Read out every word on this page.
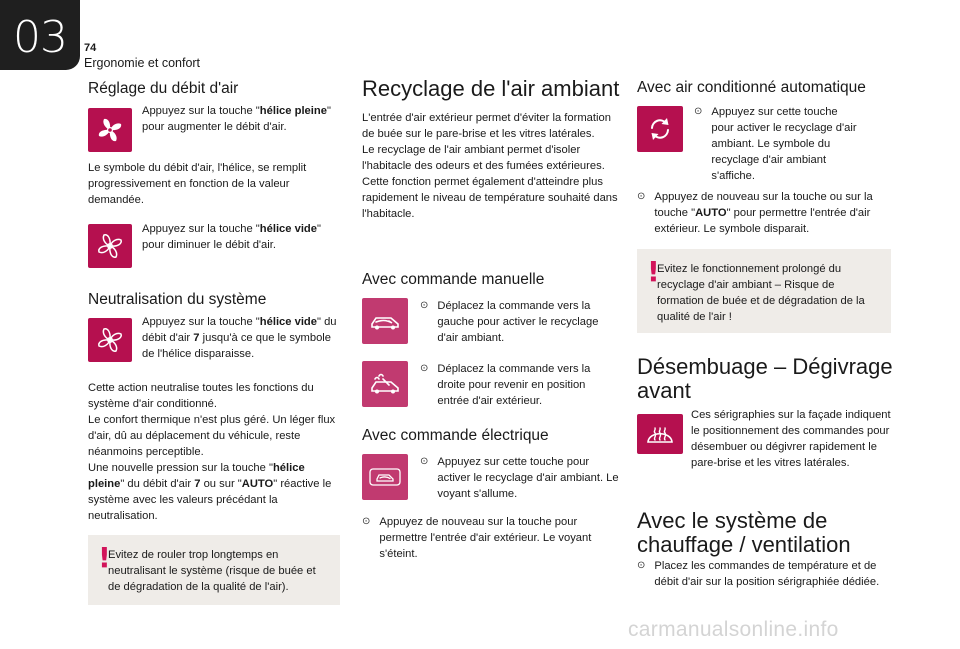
03	74
Ergonomie et confort
Réglage du débit d'air
Appuyez sur la touche "hélice pleine" pour augmenter le débit d'air.
Le symbole du débit d'air, l'hélice, se remplit progressivement en fonction de la valeur demandée.
Appuyez sur la touche "hélice vide" pour diminuer le débit d'air.
Neutralisation du système
Appuyez sur la touche "hélice vide" du débit d'air 7 jusqu'à ce que le symbole de l'hélice disparaisse.
Cette action neutralise toutes les fonctions du système d'air conditionné.
Le confort thermique n'est plus géré. Un léger flux d'air, dû au déplacement du véhicule, reste néanmoins perceptible.
Une nouvelle pression sur la touche "hélice pleine" du débit d'air 7 ou sur "AUTO" réactive le système avec les valeurs précédant la neutralisation.
!
Evitez de rouler trop longtemps en neutralisant le système (risque de buée et de dégradation de la qualité de l'air).
Recyclage de l'air ambiant
L'entrée d'air extérieur permet d'éviter la formation de buée sur le pare-brise et les vitres latérales.
Le recyclage de l'air ambiant permet d'isoler l'habitacle des odeurs et des fumées extérieures.
Cette fonction permet également d'atteindre plus rapidement le niveau de température souhaité dans l'habitacle.
Avec commande manuelle
⊙ Déplacez la commande vers la gauche pour activer le recyclage d'air ambiant.
⊙ Déplacez la commande vers la droite pour revenir en position entrée d'air extérieur.
Avec commande électrique
⊙ Appuyez sur cette touche pour activer le recyclage d'air ambiant. Le voyant s'allume.
⊙ Appuyez de nouveau sur la touche pour permettre l'entrée d'air extérieur. Le voyant s'éteint.
Avec air conditionné automatique
⊙ Appuyez sur cette touche pour activer le recyclage d'air ambiant. Le symbole du recyclage d'air ambiant s'affiche.
⊙ Appuyez de nouveau sur la touche ou sur la touche "AUTO" pour permettre l'entrée d'air extérieur. Le symbole disparait.
!
Evitez le fonctionnement prolongé du recyclage d'air ambiant – Risque de formation de buée et de dégradation de la qualité de l'air !
Désembuage – Dégivrage
avant
Ces sérigraphies sur la façade indiquent le positionnement des commandes pour désembuer ou dégivrer rapidement le pare-brise et les vitres latérales.
Avec le système de
chauffage / ventilation
⊙ Placez les commandes de température et de débit d'air sur la position sérigraphiée dédiée.
carmanualsonline.info
